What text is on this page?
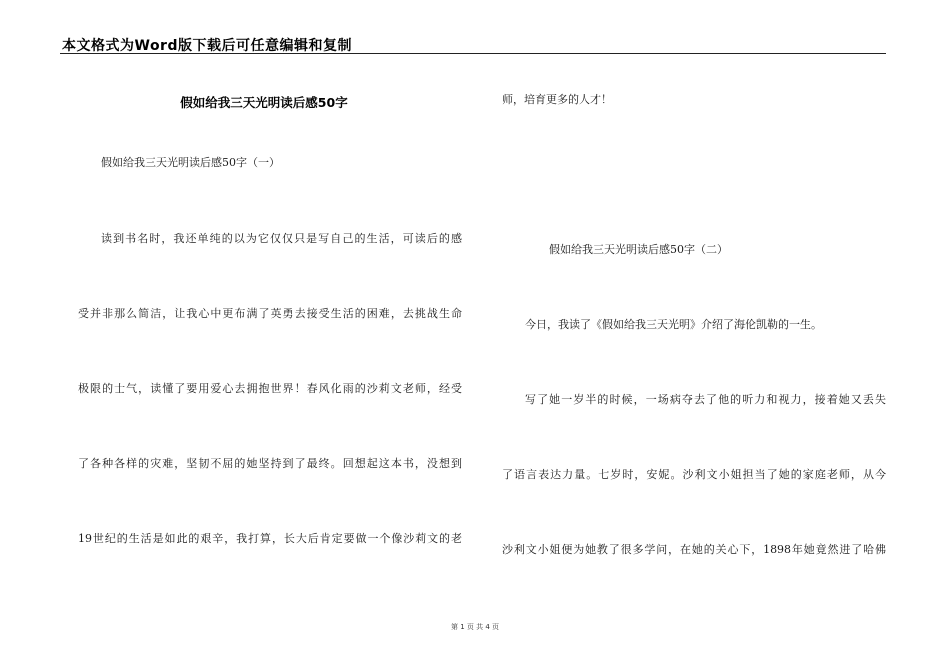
本文格式为Word版下载后可任意编辑和复制
假如给我三天光明读后感50字
假如给我三天光明读后感50字（一）
读到书名时，我还单纯的以为它仅仅只是写自己的生活，可读后的感
受并非那么简洁，让我心中更布满了英勇去接受生活的困难，去挑战生命
极限的士气，读懂了要用爱心去拥抱世界！春风化雨的沙莉文老师，经受
了各种各样的灾难，坚韧不屈的她坚持到了最终。回想起这本书，没想到
19世纪的生活是如此的艰辛，我打算，长大后肯定要做一个像沙莉文的老
师，培育更多的人才！
假如给我三天光明读后感50字（二）
今日，我读了《假如给我三天光明》介绍了海伦凯勒的一生。
写了她一岁半的时候，一场病夺去了他的听力和视力，接着她又丢失
了语言表达力量。七岁时，安妮。沙利文小姐担当了她的家庭老师，从今
沙利文小姐便为她教了很多学问，在她的关心下，1898年她竟然进了哈佛
第 1 页 共 4 页
